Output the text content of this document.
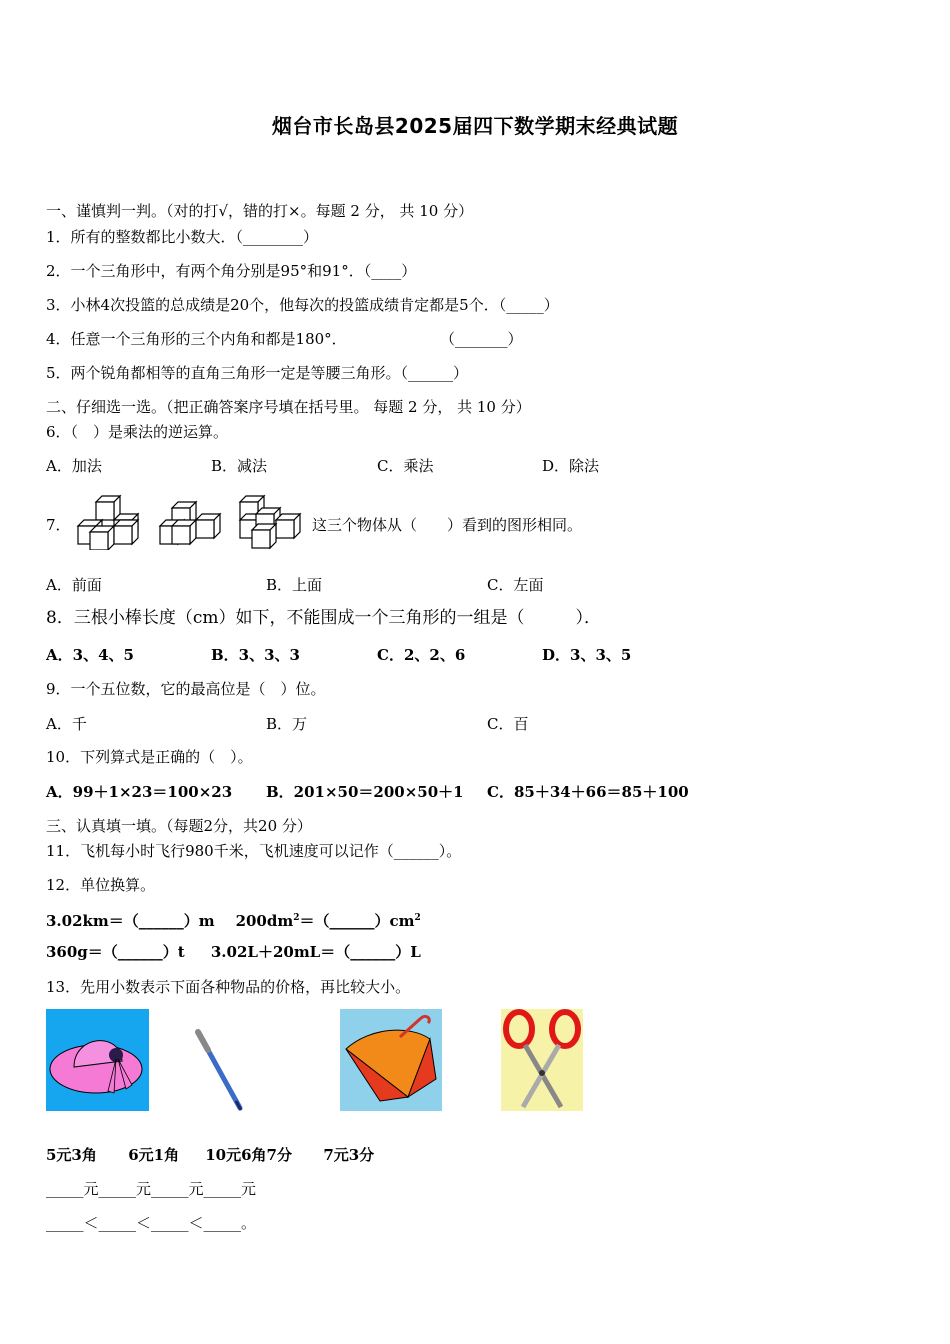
烟台市长岛县2025届四下数学期末经典试题
一、谨慎判一判。（对的打√，错的打×。每题 2 分， 共 10 分）
1．所有的整数都比小数大．（________）
2．一个三角形中，有两个角分别是95°和91°．（____）
3．小林4次投篮的总成绩是20个，他每次的投篮成绩肯定都是5个．（_____）
4．任意一个三角形的三个内角和都是180°．	（_______）
5．两个锐角都相等的直角三角形一定是等腰三角形。（______）
二、仔细选一选。（把正确答案序号填在括号里。 每题 2 分， 共 10 分）
6．（　）是乘法的逆运算。
A．加法	B．减法	C．乘法	D．除法
7．	这三个物体从（　　）看到的图形相同。
A．前面	B．上面	C．左面
8．三根小棒长度（cm）如下，不能围成一个三角形的一组是（　　　）．
A．3、4、5	B．3、3、3	C．2、2、6	D．3、3、5
9．一个五位数，它的最高位是（　）位。
A．千	B．万	C．百
10．下列算式是正确的（　）。
A．99＋1×23＝100×23 B．201×50＝200×50＋1 C．85＋34＋66＝85＋100
三、认真填一填。（每题2分，共20 分）
11．飞机每小时飞行980千米，飞机速度可以记作（______）。
12．单位换算。
3.02km＝（______）m $200dm^2=(\_\_\_\_\_\_)cm^2$
360g＝（______）t 3.02L＋20mL＝（______）L
13．先用小数表示下面各种物品的价格，再比较大小。
5元3角 6元1角 10元6角7分 7元3分
_____元_____元_____元_____元
_____＜_____＜_____＜_____。
